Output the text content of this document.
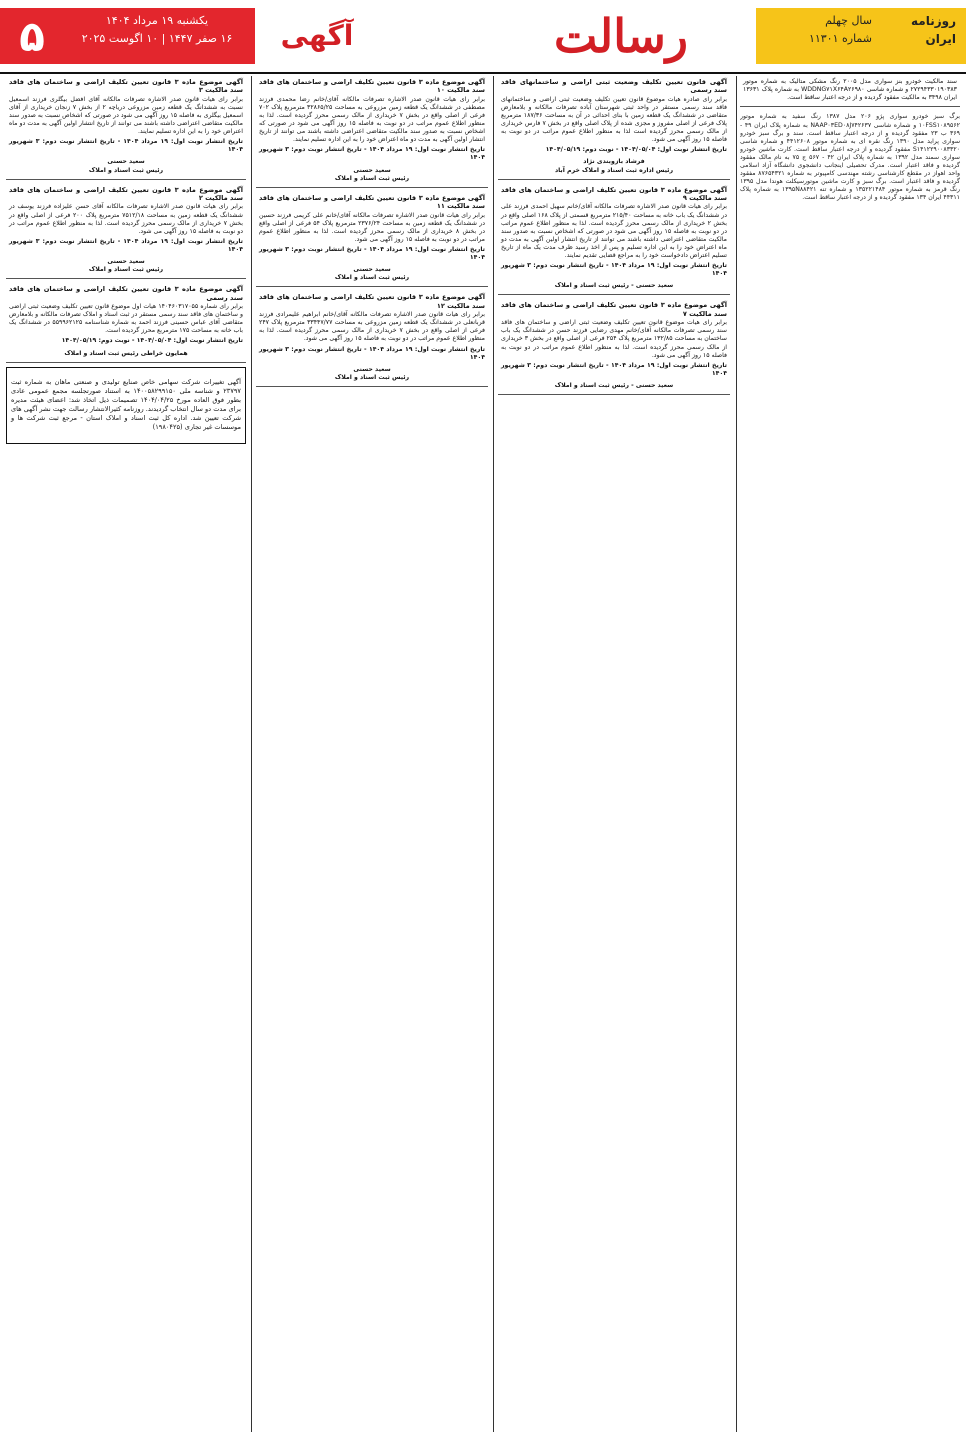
روزنامه
ایران
سال چهلم
شماره ۱۱۳۰۱
رسالت
آگهی
۵	یکشنبه ۱۹ مرداد ۱۴۰۴
۱۶ صفر ۱۴۴۷ | ۱۰ اگوست ۲۰۲۵

سند مالکیت خودرو بنز سواری مدل ۲۰۰۵ رنگ مشکی متالیک به شماره موتور ۲۷۲۹۴۳۳۰۱۹۰۳۸۳ و شماره شاسی WDDNG۷۱X۶۴A۲۶۹۸۰ به شماره پلاک ۱۳۶۳۱ ایران ۳۴۹۸ به مالکیت مفقود گردیده و از درجه اعتبار ساقط است.

برگ سبز خودرو سواری پژو ۲۰۶ مدل ۱۳۸۷ رنگ سفید به شماره موتور ۱۰FSS۱۰۸۹۵۶۲ و شماره شاسی NAAP۰۳ED۰۸J۷۴۲۶۳۷ به شماره پلاک ایران ۴۹ - ۳۶۹ ب ۲۳ مفقود گردیده و از درجه اعتبار ساقط است. سند و برگ سبز خودرو سواری پراید مدل ۱۳۹۰ رنگ نقره ای به شماره موتور ۴۴۱۲۶۰۸ و شماره شاسی S۱۴۱۲۲۹۰۰۸۳۳۲۰ مفقود گردیده و از درجه اعتبار ساقط است. کارت ماشین خودرو سواری سمند مدل ۱۳۹۲ به شماره پلاک ایران ۴۲ - ۵۶۷ ج ۷۵ به نام مالک مفقود گردیده و فاقد اعتبار است. مدرک تحصیلی اینجانب دانشجوی دانشگاه آزاد اسلامی واحد اهواز در مقطع کارشناسی رشته مهندسی کامپیوتر به شماره ۸۷۶۵۴۳۲۱ مفقود گردیده و فاقد اعتبار است. برگ سبز و کارت ماشین موتورسیکلت هوندا مدل ۱۳۹۵ رنگ قرمز به شماره موتور ۱۳۵۲۲۱۴۸۴ و شماره تنه ۱۳۹۵N۸۸۴۲۱ به شماره پلاک ۴۴۳۱۱ ایران ۱۳۴ مفقود گردیده و از درجه اعتبار ساقط است.

آگهی قانون تعیین تکلیف وضعیت ثبتی اراضی و ساختمانهای فاقد سند رسمی

برابر رای صادره هیات موضوع قانون تعیین تکلیف وضعیت ثبتی اراضی و ساختمانهای فاقد سند رسمی مستقر در واحد ثبتی شهرستان آباده تصرفات مالکانه و بلامعارض متقاضی در ششدانگ یک قطعه زمین با بنای احداثی در آن به مساحت ۱۸۷/۳۶ مترمربع پلاک فرعی از اصلی مفروز و مجزی شده از پلاک اصلی واقع در بخش ۷ فارس خریداری از مالک رسمی محرز گردیده است لذا به منظور اطلاع عموم مراتب در دو نوبت به فاصله ۱۵ روز آگهی می شود.

تاریخ انتشار نوبت اول: ۱۴۰۴/۰۵/۰۴ - نوبت دوم: ۱۴۰۴/۰۵/۱۹
فرشاد بازوبندی نژاد
رئیس اداره ثبت اسناد و املاک خرم آباد
آگهی موضوع ماده ۳ قانون تعیین تکلیف اراضی و ساختمان های فاقد سند مالکیت ۹

برابر رای هیات قانون صدر الاشاره تصرفات مالکانه آقای/خانم سهیل احمدی فرزند علی در ششدانگ یک باب خانه به مساحت ۲۱۵/۴۰ مترمربع قسمتی از پلاک ۱۶۸ اصلی واقع در بخش ۲ خریداری از مالک رسمی محرز گردیده است. لذا به منظور اطلاع عموم مراتب در دو نوبت به فاصله ۱۵ روز آگهی می شود در صورتی که اشخاص نسبت به صدور سند مالکیت متقاضی اعتراضی داشته باشند می توانند از تاریخ انتشار اولین آگهی به مدت دو ماه اعتراض خود را به این اداره تسلیم و پس از اخذ رسید ظرف مدت یک ماه از تاریخ تسلیم اعتراض دادخواست خود را به مراجع قضایی تقدیم نمایند.

تاریخ انتشار نوبت اول: ۱۹ مرداد ۱۴۰۴ - تاریخ انتشار نوبت دوم: ۳ شهریور ۱۴۰۴
سعید حسنی - رئیس ثبت اسناد و املاک
آگهی موضوع ماده ۳ قانون تعیین تکلیف اراضی و ساختمان های فاقد سند مالکیت ۷

برابر رای هیات موضوع قانون تعیین تکلیف وضعیت ثبتی اراضی و ساختمان های فاقد سند رسمی تصرفات مالکانه آقای/خانم مهدی رضایی فرزند حسن در ششدانگ یک باب ساختمان به مساحت ۱۳۲/۸۵ مترمربع پلاک ۲۵۴ فرعی از اصلی واقع در بخش ۳ خریداری از مالک رسمی محرز گردیده است. لذا به منظور اطلاع عموم مراتب در دو نوبت به فاصله ۱۵ روز آگهی می شود.

تاریخ انتشار نوبت اول: ۱۹ مرداد ۱۴۰۴ - تاریخ انتشار نوبت دوم: ۳ شهریور ۱۴۰۴
سعید حسنی - رئیس ثبت اسناد و املاک
آگهی موضوع ماده ۳ قانون تعیین تکلیف اراضی و ساختمان های فاقد سند مالکیت ۱۰

برابر رای هیات قانون صدر الاشاره تصرفات مالکانه آقای/خانم رضا محمدی فرزند مصطفی در ششدانگ یک قطعه زمین مزروعی به مساحت ۳۲۸۶۵/۲۵ مترمربع پلاک ۷۰۲ فرعی از اصلی واقع در بخش ۷ خریداری از مالک رسمی محرز گردیده است. لذا به منظور اطلاع عموم مراتب در دو نوبت به فاصله ۱۵ روز آگهی می شود در صورتی که اشخاص نسبت به صدور سند مالکیت متقاضی اعتراضی داشته باشند می توانند از تاریخ انتشار اولین آگهی به مدت دو ماه اعتراض خود را به این اداره تسلیم نمایند.

تاریخ انتشار نوبت اول: ۱۹ مرداد ۱۴۰۴ - تاریخ انتشار نوبت دوم: ۳ شهریور ۱۴۰۴
سعید حسنی
رئیس ثبت اسناد و املاک
آگهی موضوع ماده ۳ قانون تعیین تکلیف اراضی و ساختمان های فاقد سند مالکیت ۱۱

برابر رای هیات قانون صدر الاشاره تصرفات مالکانه آقای/خانم علی کریمی فرزند حسین در ششدانگ یک قطعه زمین به مساحت ۲۳۷۶/۲۴ مترمربع پلاک ۵۴ فرعی از اصلی واقع در بخش ۸ خریداری از مالک رسمی محرز گردیده است. لذا به منظور اطلاع عموم مراتب در دو نوبت به فاصله ۱۵ روز آگهی می شود.

تاریخ انتشار نوبت اول: ۱۹ مرداد ۱۴۰۴ - تاریخ انتشار نوبت دوم: ۳ شهریور ۱۴۰۴
سعید حسنی
رئیس ثبت اسناد و املاک
آگهی موضوع ماده ۳ قانون تعیین تکلیف اراضی و ساختمان های فاقد سند مالکیت ۱۲

برابر رای هیات قانون صدر الاشاره تصرفات مالکانه آقای/خانم ابراهیم علیمرادی فرزند قربانعلی در ششدانگ یک قطعه زمین مزروعی به مساحت ۳۳۴۴۷/۷۷ مترمربع پلاک ۲۴۷ فرعی از اصلی واقع در بخش ۷ خریداری از مالک رسمی محرز گردیده است. لذا به منظور اطلاع عموم مراتب در دو نوبت به فاصله ۱۵ روز آگهی می شود.

تاریخ انتشار نوبت اول: ۱۹ مرداد ۱۴۰۴ - تاریخ انتشار نوبت دوم: ۳ شهریور ۱۴۰۴
سعید حسنی
رئیس ثبت اسناد و املاک
آگهی موضوع ماده ۳ قانون تعیین تکلیف اراضی و ساختمان های فاقد سند مالکیت ۳

برابر رای هیات قانون صدر الاشاره تصرفات مالکانه آقای افضل بیگلری فرزند اسمعیل نسبت به ششدانگ یک قطعه زمین مزروعی دریاچه ۲ از بخش ۷ زنجان خریداری از آقای اسمعیل بیگلری به فاصله ۱۵ روز آگهی می شود در صورتی که اشخاص نسبت به صدور سند مالکیت متقاضی اعتراضی داشته باشند می توانند از تاریخ انتشار اولین آگهی به مدت دو ماه اعتراض خود را به این اداره تسلیم نمایند.

تاریخ انتشار نوبت اول: ۱۹ مرداد ۱۴۰۴ - تاریخ انتشار نوبت دوم: ۳ شهریور ۱۴۰۴
سعید حسنی
رئیس ثبت اسناد و املاک
آگهی موضوع ماده ۳ قانون تعیین تکلیف اراضی و ساختمان های فاقد سند مالکیت ۲

برابر رای هیات قانون صدر الاشاره تصرفات مالکانه آقای حسن علیزاده فرزند یوسف در ششدانگ یک قطعه زمین به مساحت ۷۵۱۲/۱۸ مترمربع پلاک ۲۰۰ فرعی از اصلی واقع در بخش ۷ خریداری از مالک رسمی محرز گردیده است. لذا به منظور اطلاع عموم مراتب در دو نوبت به فاصله ۱۵ روز آگهی می شود.

تاریخ انتشار نوبت اول: ۱۹ مرداد ۱۴۰۴ - تاریخ انتشار نوبت دوم: ۳ شهریور ۱۴۰۴
سعید حسنی
رئیس ثبت اسناد و املاک
آگهی موضوع ماده ۳ قانون تعیین تکلیف اراضی و ساختمان های فاقد سند رسمی

برابر رای شماره ۱۴۰۴۶۰۳۱۷۰۵۵ هیات اول موضوع قانون تعیین تکلیف وضعیت ثبتی اراضی و ساختمان های فاقد سند رسمی مستقر در ثبت اسناد و املاک تصرفات مالکانه و بلامعارض متقاضی آقای عباس حسینی فرزند احمد به شماره شناسنامه ۵۵۹۹۶۲۱۲۵ در ششدانگ یک باب خانه به مساحت ۱۷۵ مترمربع محرز گردیده است.

تاریخ انتشار نوبت اول: ۱۴۰۴/۰۵/۰۴ - نوبت دوم: ۱۴۰۴/۰۵/۱۹
همایون خراطی رئیس ثبت اسناد و املاک

آگهی تغییرات شرکت سهامی خاص صنایع تولیدی و صنعتی ماهان به شماره ثبت ۲۳۷۹۷ و شناسه ملی ۱۴۰۰۵۸۲۹۹۱۵۰ به استناد صورتجلسه مجمع عمومی عادی بطور فوق العاده مورخ ۱۴۰۴/۰۴/۲۵ تصمیمات ذیل اتخاذ شد: اعضای هیئت مدیره برای مدت دو سال انتخاب گردیدند. روزنامه کثیرالانتشار رسالت جهت نشر آگهی های شرکت تعیین شد. اداره کل ثبت اسناد و املاک استان - مرجع ثبت شرکت ها و موسسات غیر تجاری (۱۹۸۰۴۲۵)
